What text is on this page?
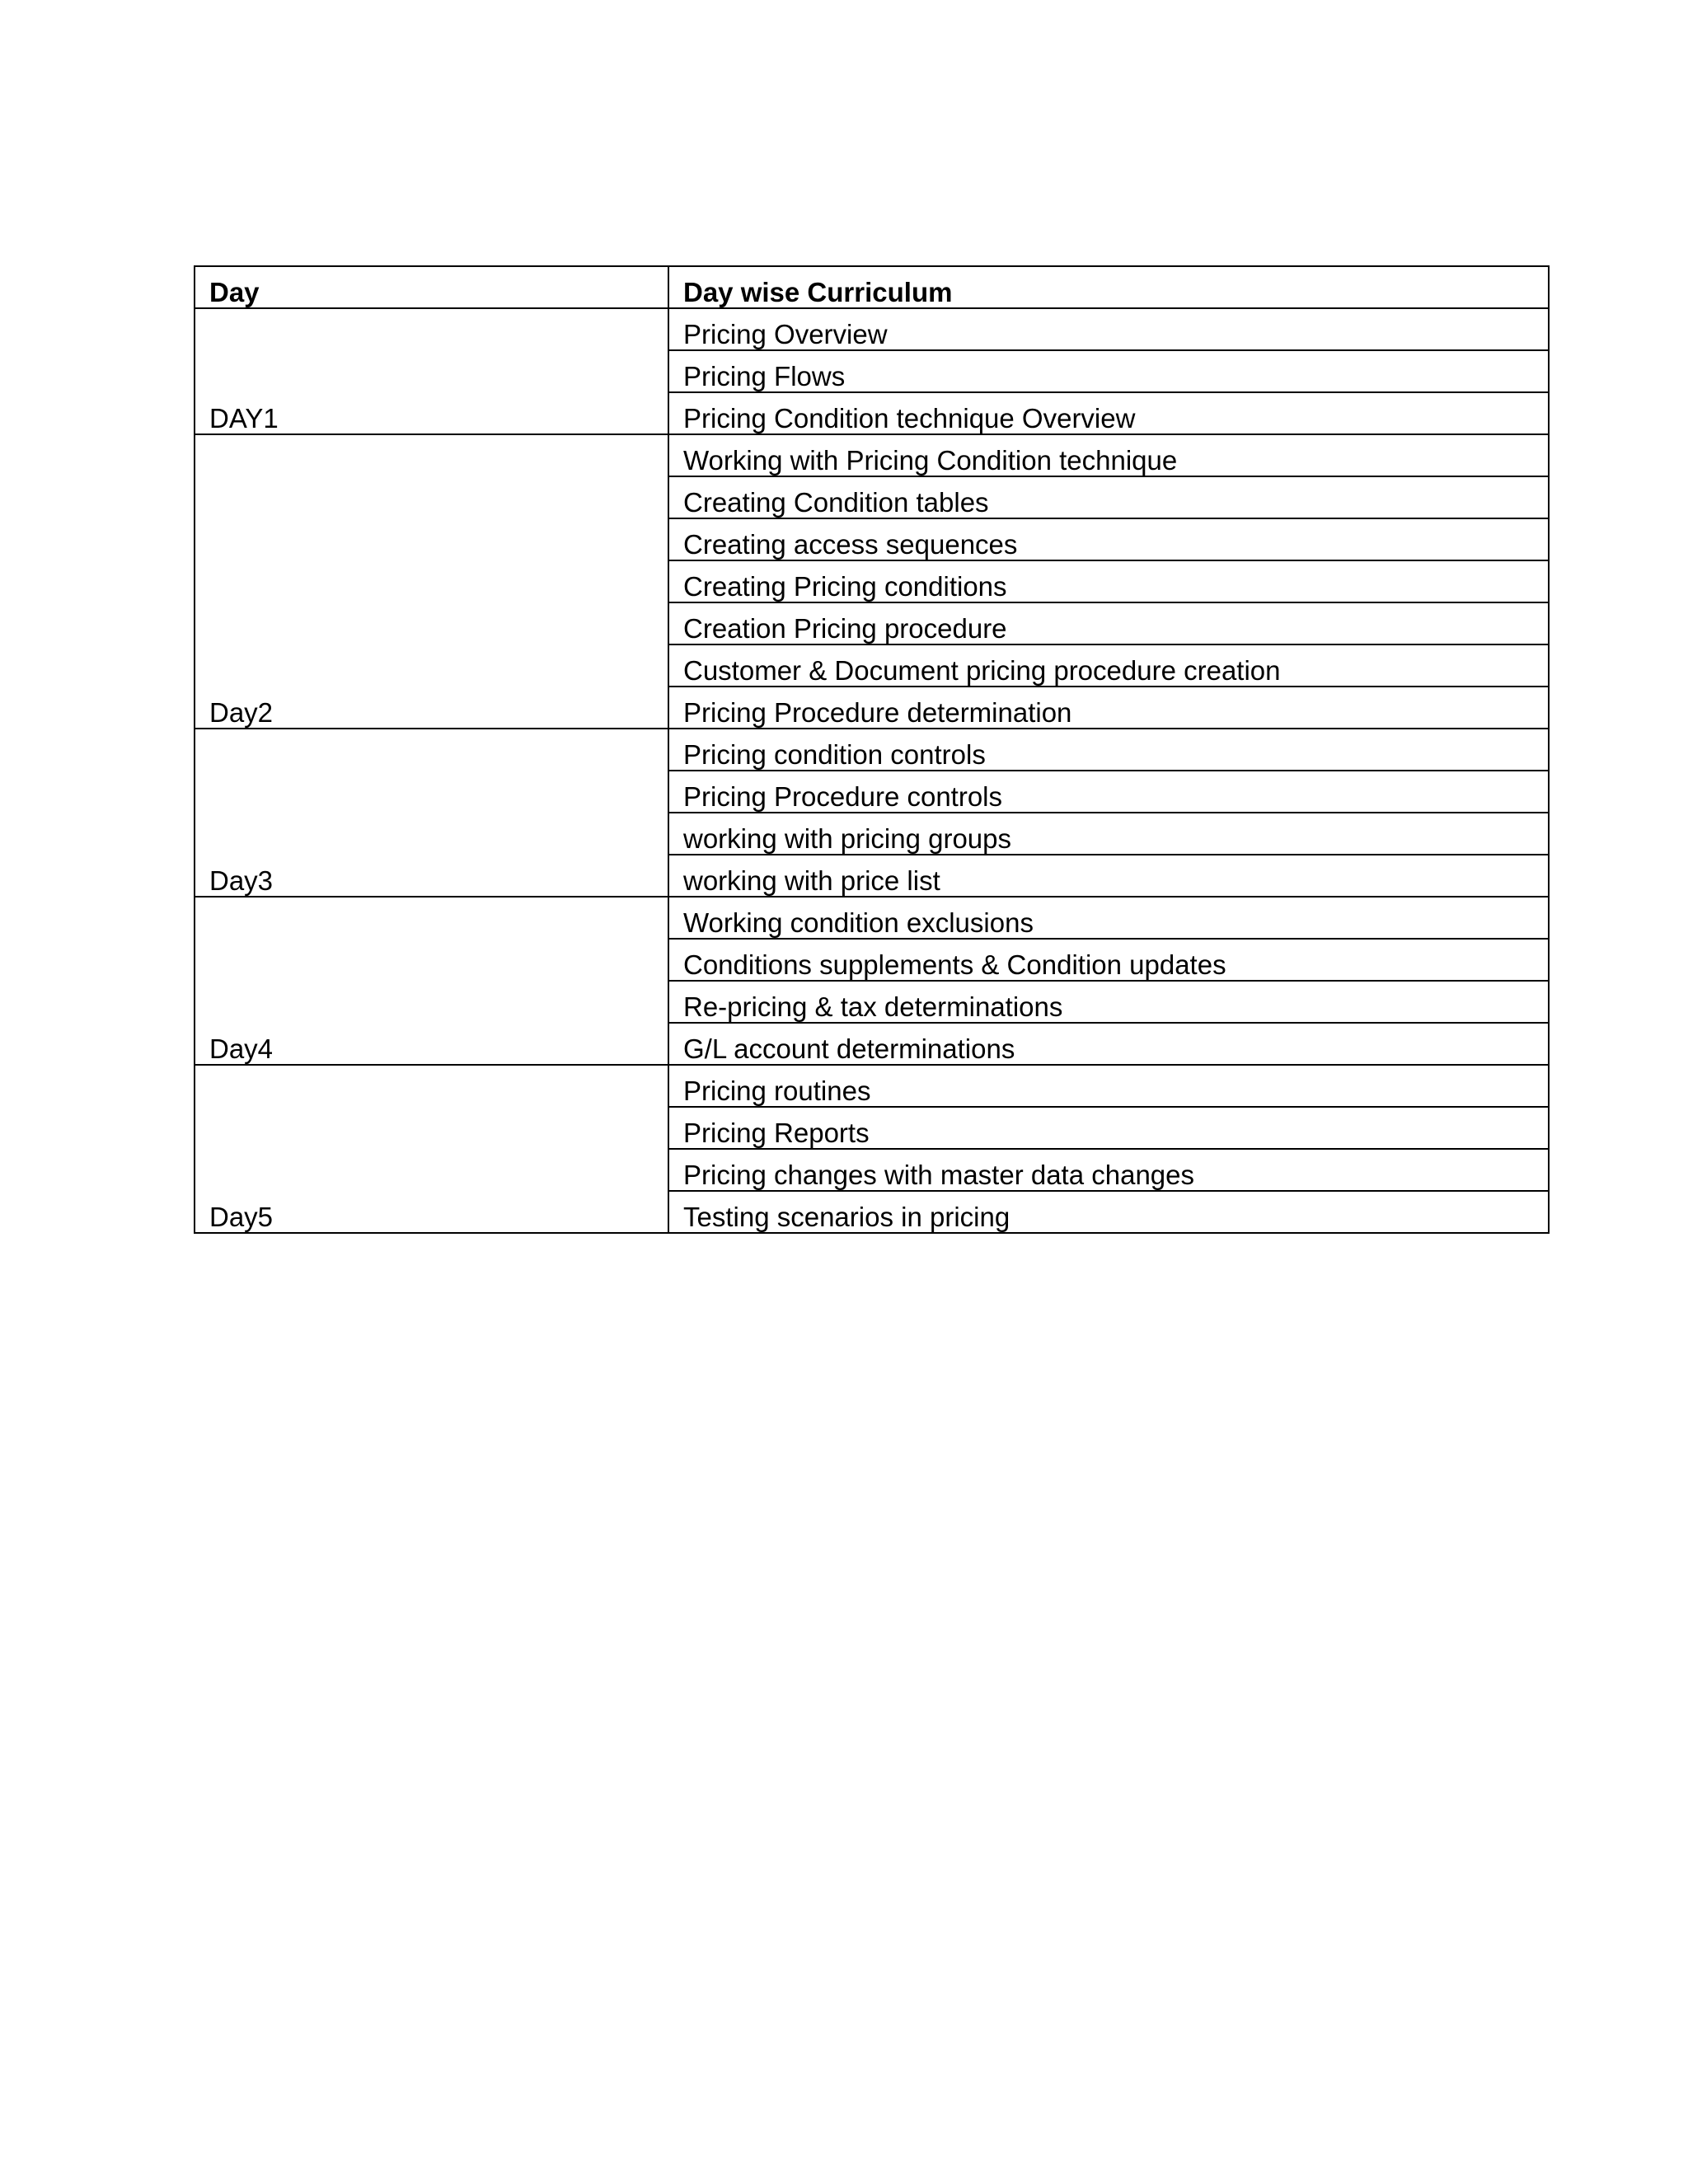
Day	Day wise Curriculum
DAY1	Pricing Overview
	Pricing Flows
	Pricing Condition technique Overview
Day2	Working with Pricing Condition technique
	Creating Condition tables
	Creating access sequences
	Creating Pricing conditions
	Creation Pricing procedure
	Customer & Document pricing procedure creation
	Pricing Procedure determination
Day3	Pricing condition controls
	Pricing Procedure controls
	working with pricing groups
	working with price list
Day4	Working condition exclusions
	Conditions supplements & Condition updates
	Re-pricing & tax determinations
	G/L account determinations
Day5	Pricing routines
	Pricing Reports
	Pricing changes with master data changes
	Testing scenarios in pricing
